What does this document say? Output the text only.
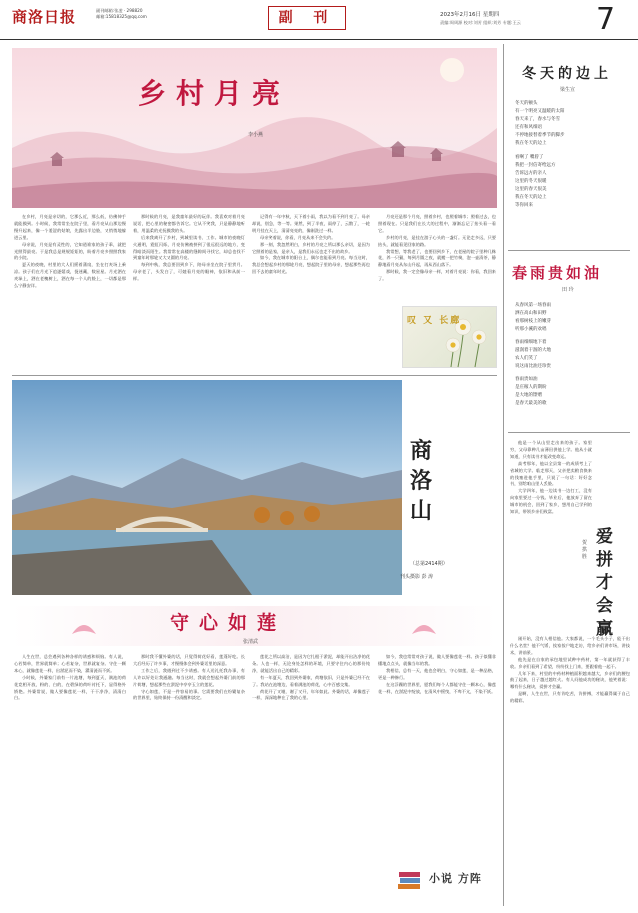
商洛日报	副刊邮箱:张凌 · 298820
邮箱:15818325@qq.com	副 刊	2023年2月16日 星期四
责编:周周源 校对:刘芳 组织:刘芳 专题:王云	7
乡村月亮
李小燕

在乡村，月亮是亲切的，它那么近，那么低，仿佛伸手就能摸到。小时候，我常常坐在院子里，看月亮从山那边慢慢升起来，像一个羞涩的姑娘，先露出半边脸，又悄悄地躲进云里。

母亲说，月亮是有灵性的，它知道谁家的孩子乖，就把光照得最亮。于是我总是规规矩矩的，盼着月亮多照照我家的小院。

夏天的夜晚，村里的大人们摇着蒲扇，坐在打麦场上乘凉。孩子们在月光下追逐嬉戏，捉迷藏，数星星。月光洒在麦垛上，洒在老槐树上，洒在每一个人的脸上，一切都是那么宁静安详。

那时候的月亮，是我童年最好的玩伴。我喜欢对着月亮说话，把心里的秘密都告诉它。它从不笑我，只是静静地听着，用温柔的光抚摸我的头。

后来我离开了乡村，到城里读书、工作。城市的夜晚灯火通明，霓虹闪烁，月亮仿佛被挤到了很远很远的地方，变得暗淡而陌生。我常常在高楼的缝隙间寻找它，却总也找不到童年时那轮又大又圆的月亮。

每到中秋，我总要回到乡下，陪母亲坐在院子里赏月。母亲老了，头发白了，可她看月亮的眼神，依旧和从前一样。

记得有一年中秋，天下着小雨，我以为看不到月亮了。母亲却说，别急，等一等。果然，到了半夜，雨停了，云散了，一轮明月挂在天上，清清亮亮的，像刚洗过一样。

母亲笑着说，你看，月亮从来不会失约。

那一刻，我忽然明白，乡村的月亮之所以那么亲切，是因为它照着的是家，是亲人，是我们永远也走不出的故乡。

如今，我在城市的阳台上，偶尔也能看到月亮。每当这时，我总会想起乡村的那轮月亮，想起院子里的母亲，想起那些再也回不去的童年时光。

月亮还是那个月亮，照着乡村，也照着城市；照着过去，也照着现在。只是我们在长大的过程中，渐渐忘记了抬头看一看它。

乡村的月亮，是挂在游子心头的一盏灯。无论走多远，只要抬头，就能看见回家的路。

我常想，等我老了，也要回到乡下，在老屋的院子里种几株花，养一只猫，每到月圆之夜，就搬一把竹椅，泡一壶清茶，静静地看月亮从东山升起，再从西山落下。

那时候，我一定会像母亲一样，对着月亮说：你看，我回来了。

叹 又 长廊
商洛山
（总第2414期）
刊头摄影 彭 涛
守心如莲
张清武

人生在世，总会遇到各种各样的诱惑和烦恼。有人说，心若简单，世界就简单；心若复杂，世界就复杂。守住一颗本心，就像莲花一样，出淤泥而不染，濯清涟而不妖。

小时候，外婆家门前有一片池塘，每到夏天，满池的荷花竞相开放，粉的、白的，在碧绿的荷叶衬托下，显得格外娇艳。外婆常说，做人要像莲花一样，干干净净，清清白白。

那时我不懂外婆的话，只觉得荷花好看，莲蓬好吃。长大后经历了许多事，才慢慢体会到外婆话里的深意。

工作之后，我遇到过不少诱惑。有人送礼托我办事，有人许以好处让我通融。每当这时，我就会想起外婆门前的那片荷塘，想起那些在淤泥中亭亭玉立的莲花。

守心如莲，不是一件容易的事。它需要我们在纷繁复杂的世界里，始终保持一份清醒和淡定。

莲花之所以高洁，是因为它扎根于淤泥，却能开出洁净的花朵。人也一样，无论身处怎样的环境，只要守住内心的那份纯净，就能活出自己的精彩。

有一年夏天，我回到外婆家，荷塘依旧，只是外婆已经不在了。我站在池塘边，看着满池的荷花，心中百感交集。

荷花开了又谢，谢了又开，年年如此。外婆的话，却像莲子一样，深深地种在了我的心里。

如今，我也常常对孩子说，做人要像莲花一样。孩子似懂非懂地点点头，就像当年的我。

我相信，总有一天，他也会明白，守心如莲，是一种品格，更是一种修行。

在这浮躁的世界里，愿我们每个人都能守住一颗本心，像莲花一样，在淤泥中绽放，在清风中摇曳，不卑不亢，不染不妖。

小说 方阵
冬天的边上
梁生宣
冬天的额头
有一个明亮又温暖的太阳
春天来了，春水与冬雪
还有和风细语
不停地接替着季节的脚步
我在冬天的边上
看啊了 嘴唇了
我把一封信寄给远方
告诉远方的亲人
这里的冬天很暖
这里的春天很美
我在冬天的边上
等你回来
春雨贵如油
田 玲
从春风第一场春雨
洒在高山和田野
看那树枝上的嫩芽
听那小溪的欢唱
春雨细细地下着
滋润着干涸的大地
农人们笑了
说这雨比油还珍贵
春雨贵如油
是庄稼人的期盼
是大地的馈赠
是春天最美的歌

他是一个从山里走出来的孩子。家里穷，父母靠种几亩薄田供他上学。他从小就知道，只有读书才能改变命运。

高考那年，他以全县第一的成绩考上了省城的大学。临走那天，父亲把卖粮食换来的钱塞进他手里，只说了一句话：好好念书，别给咱山里人丢脸。

大学四年，他一边读书一边打工，没有向家里要过一分钱。毕业后，他放弃了留在城市的机会，回到了家乡，想用自己学到的知识，带领乡亲们致富。

爱拼才会赢
贺拱胜

刚开始，没有人相信他。大家都说，一个毛头小子，能干出什么名堂？他不气馁，挨家挨户地走访，给乡亲们讲市场，讲技术，讲前景。

他先是在自家的承包地里试种中药材，第一年就获得了丰收。乡亲们看到了希望，纷纷找上门来，要跟着他一起干。

几年下来，村里的中药材种植面积越来越大，乡亲们的腰包鼓了起来，日子越过越红火。有人问他成功的秘诀，他笑着说：哪有什么秘诀，爱拼才会赢。

是啊，人生在世，只有肯吃苦，肯拼搏，才能赢得属于自己的精彩。
